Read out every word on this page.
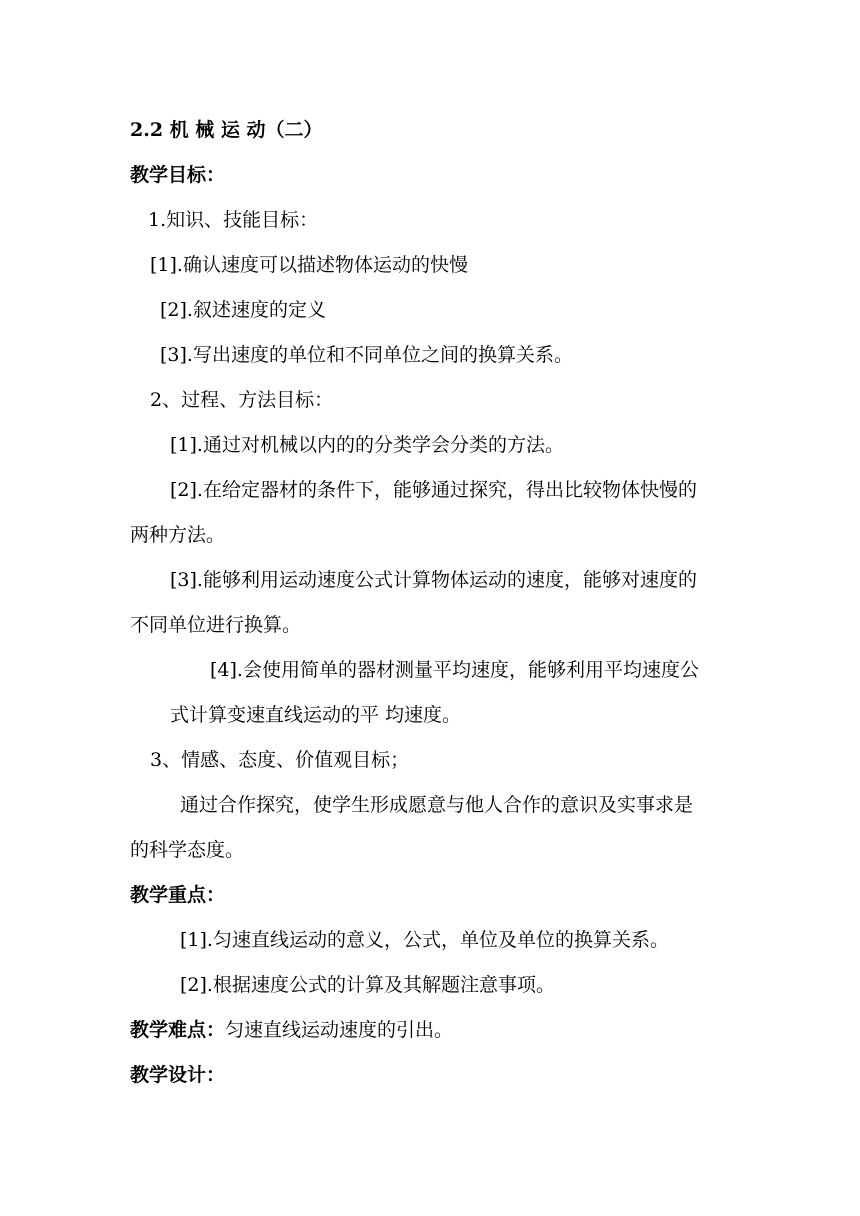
2.2 机 械 运 动（二）
教学目标：
1.知识、技能目标：
[1].确认速度可以描述物体运动的快慢
[2].叙述速度的定义
[3].写出速度的单位和不同单位之间的换算关系。
2、过程、方法目标：
[1].通过对机械以内的的分类学会分类的方法。
[2].在给定器材的条件下，能够通过探究，得出比较物体快慢的
两种方法。
[3].能够利用运动速度公式计算物体运动的速度，能够对速度的
不同单位进行换算。
[4].会使用简单的器材测量平均速度，能够利用平均速度公
式计算变速直线运动的平 均速度。
3、情感、态度、价值观目标；
通过合作探究，使学生形成愿意与他人合作的意识及实事求是
的科学态度。
教学重点：
[1].匀速直线运动的意义，公式，单位及单位的换算关系。
[2].根据速度公式的计算及其解题注意事项。
教学难点：匀速直线运动速度的引出。
教学设计：
